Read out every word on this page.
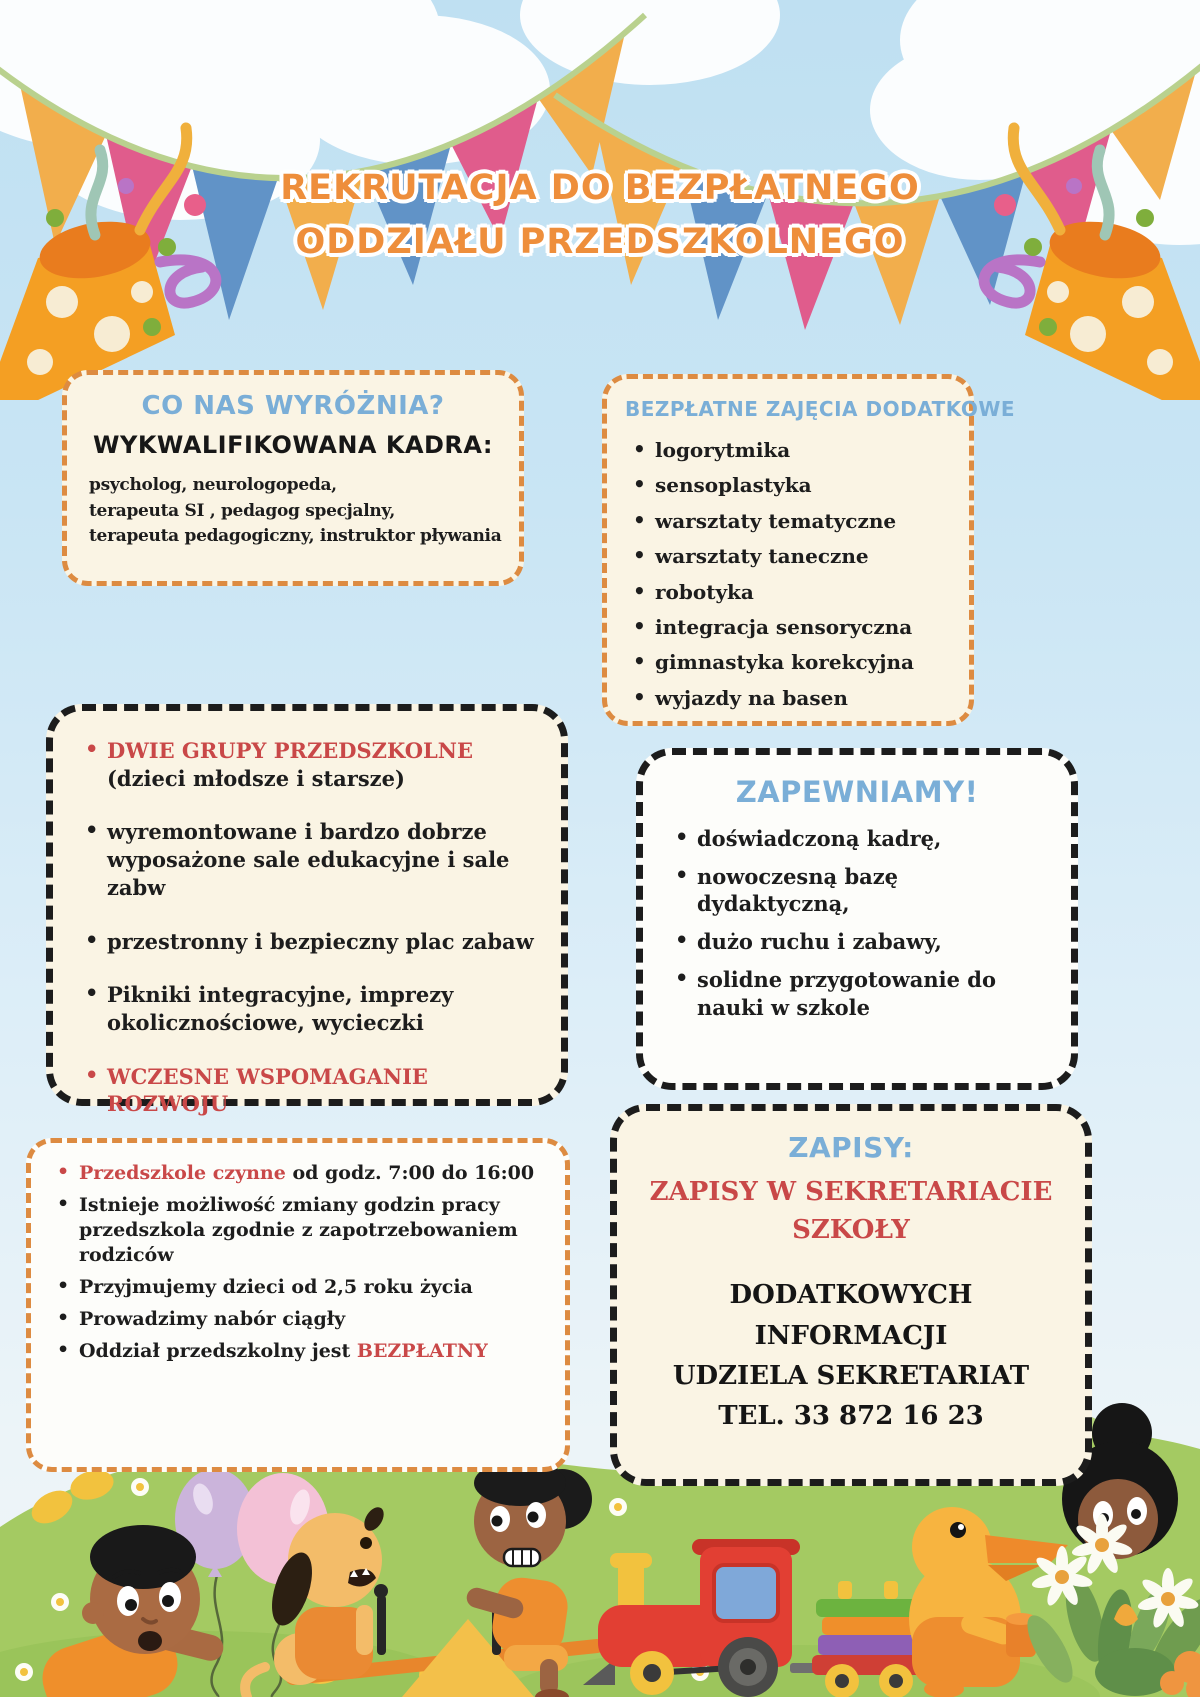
REKRUTACJA DO BEZPŁATNEGO
ODDZIAŁU PRZEDSZKOLNEGO
CO NAS WYRÓŻNIA?
WYKWALIFIKOWANA KADRA:
psycholog, neurologopeda,
terapeuta SI , pedagog specjalny,
terapeuta pedagogiczny, instruktor pływania
BEZPŁATNE ZAJĘCIA DODATKOWE
• logorytmika
• sensoplastyka
• warsztaty tematyczne
• warsztaty taneczne
• robotyka
• integracja sensoryczna
• gimnastyka korekcyjna
• wyjazdy na basen
• DWIE GRUPY PRZEDSZKOLNE (dzieci młodsze i starsze)
• wyremontowane i bardzo dobrze wyposażone sale edukacyjne i sale zabw
• przestronny i bezpieczny plac zabaw
• Pikniki integracyjne, imprezy okolicznościowe, wycieczki
• WCZESNE WSPOMAGANIE ROZWOJU
ZAPEWNIAMY!
• doświadczoną kadrę,
• nowoczesną bazę dydaktyczną,
• dużo ruchu i zabawy,
• solidne przygotowanie do nauki w szkole
• Przedszkole czynne od godz. 7:00 do 16:00
• Istnieje możliwość zmiany godzin pracy przedszkola zgodnie z zapotrzebowaniem rodziców
• Przyjmujemy dzieci od 2,5 roku życia
• Prowadzimy nabór ciągły
• Oddział przedszkolny jest BEZPŁATNY
ZAPISY:
ZAPISY W SEKRETARIACIE
SZKOŁY
DODATKOWYCH INFORMACJI
UDZIELA SEKRETARIAT
TEL. 33 872 16 23
